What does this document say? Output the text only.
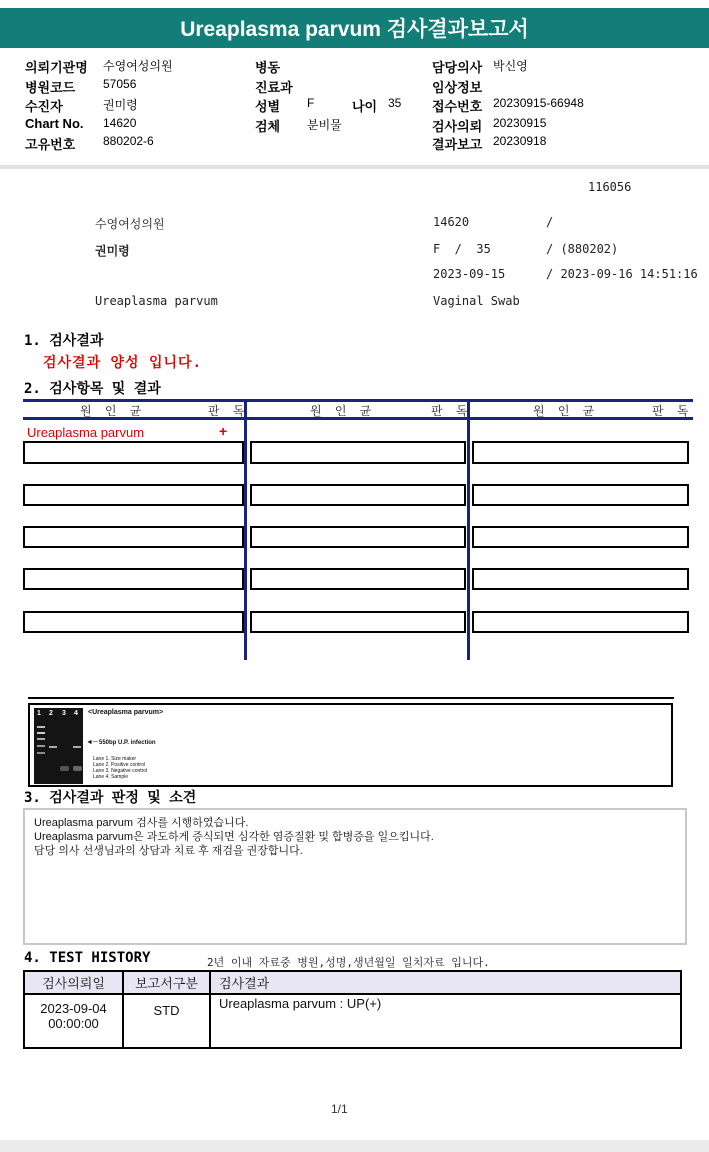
Ureaplasma parvum 검사결과보고서
의뢰기관명 수영여성의원
병원코드 57056
수진자	권미령
Chart No. 14620
고유번호 880202-6
병동
진료과
성별 F	나이 35
검체 분비물
담당의사 박신영
임상정보
접수번호 20230915-66948
검사의뢰 20230915
결과보고 20230918
116056
수영여성의원	14620	/
권미령	F  /  35	/ (880202)
2023-09-15	/ 2023-09-16 14:51:16
Ureaplasma parvum	Vaginal Swab
1. 검사결과
검사결과 양성 입니다.
2. 검사항목 및 결과
원 인 균	판 독	원 인 균	판 독	원 인 균	판 독
Ureaplasma parvum	+
1 2 3 4 <Ureaplasma parvum>
◄─ 550bp U.P. infection
Lane 1. Size maker
Lane 2. Positive control
Lane 3. Negative control
Lane 4. Sample
3. 검사결과 판정 및 소견
Ureaplasma parvum 검사를 시행하였습니다.
Ureaplasma parvum은 과도하게 증식되면 심각한 염증질환 및 합병증을 일으킵니다.
담당 의사 선생님과의 상담과 치료 후 재검을 권장합니다.
4. TEST HISTORY	2년 이내 자료중 병원,성명,생년월일 일치자료 입니다.
검사의뢰일	보고서구분	검사결과

2023-09-04
00:00:00	STD	Ureaplasma parvum : UP(+)
1/1
